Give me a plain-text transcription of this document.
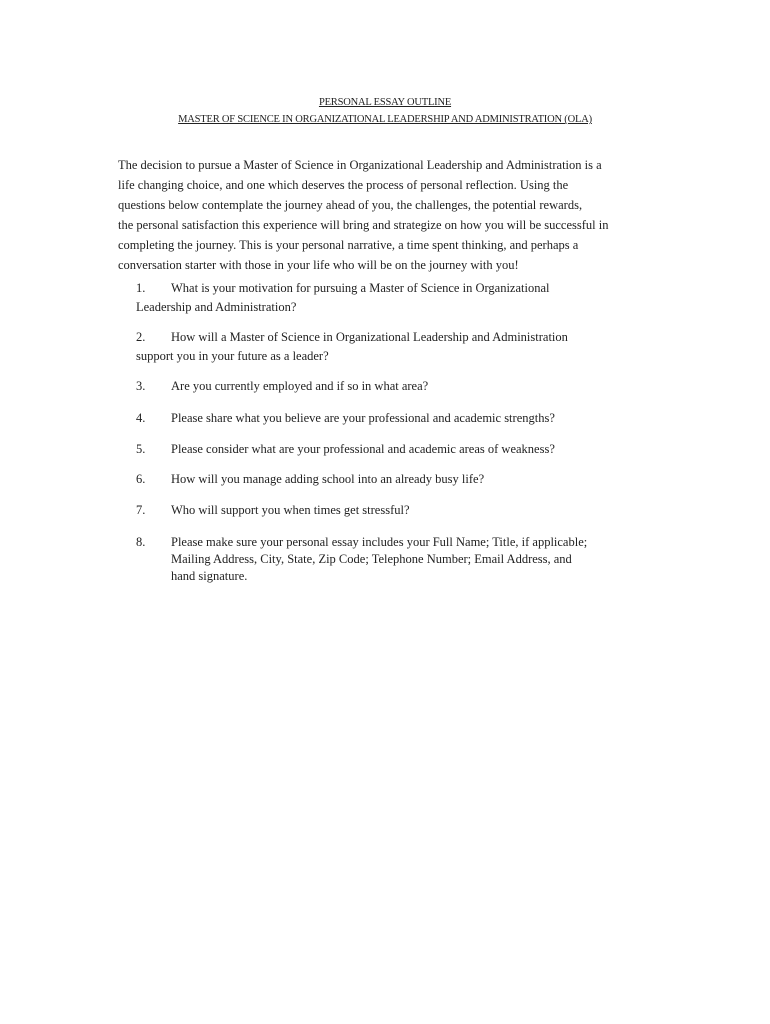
PERSONAL ESSAY OUTLINE
MASTER OF SCIENCE IN ORGANIZATIONAL LEADERSHIP AND ADMINISTRATION (OLA)
The decision to pursue a Master of Science in Organizational Leadership and Administration is a
life changing choice, and one which deserves the process of personal reflection. Using the
questions below contemplate the journey ahead of you, the challenges, the potential rewards,
the personal satisfaction this experience will bring and strategize on how you will be successful in
completing the journey. This is your personal narrative, a time spent thinking, and perhaps a
conversation starter with those in your life who will be on the journey with you!
1. What is your motivation for pursuing a Master of Science in Organizational
Leadership and Administration?
2. How will a Master of Science in Organizational Leadership and Administration
support you in your future as a leader?
3. Are you currently employed and if so in what area?
4. Please share what you believe are your professional and academic strengths?
5. Please consider what are your professional and academic areas of weakness?
6. How will you manage adding school into an already busy life?
7. Who will support you when times get stressful?
8. Please make sure your personal essay includes your Full Name; Title, if applicable;
Mailing Address, City, State, Zip Code; Telephone Number; Email Address, and
hand signature.
